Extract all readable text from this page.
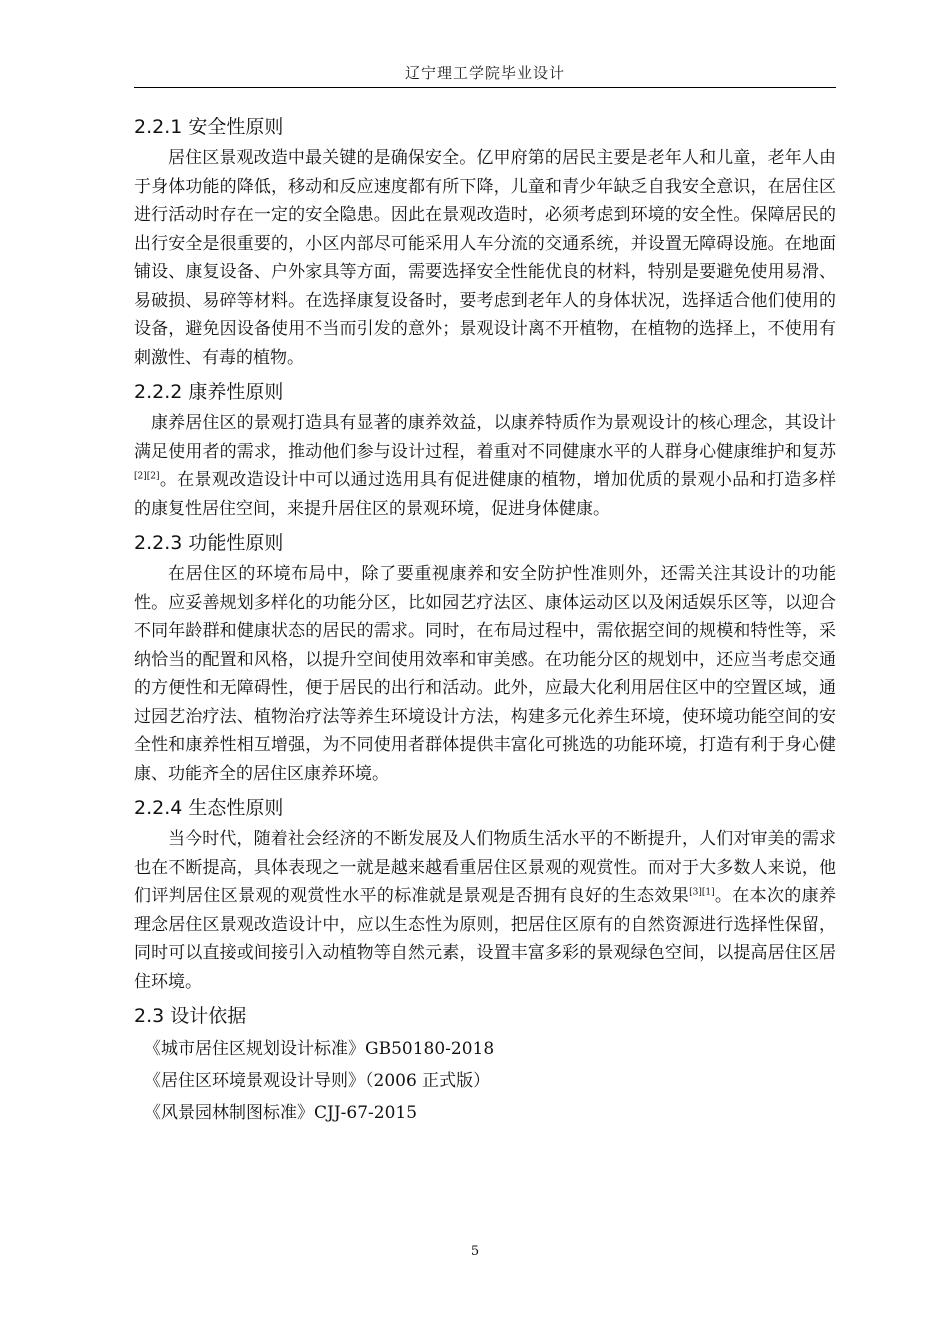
辽宁理工学院毕业设计
2.2.1 安全性原则

居住区景观改造中最关键的是确保安全。亿甲府第的居民主要是老年人和儿童，老年人由于身体功能的降低，移动和反应速度都有所下降，儿童和青少年缺乏自我安全意识，在居住区进行活动时存在一定的安全隐患。因此在景观改造时，必须考虑到环境的安全性。保障居民的出行安全是很重要的，小区内部尽可能采用人车分流的交通系统，并设置无障碍设施。在地面铺设、康复设备、户外家具等方面，需要选择安全性能优良的材料，特别是要避免使用易滑、易破损、易碎等材料。在选择康复设备时，要考虑到老年人的身体状况，选择适合他们使用的设备，避免因设备使用不当而引发的意外；景观设计离不开植物，在植物的选择上，不使用有刺激性、有毒的植物。

2.2.2 康养性原则

康养居住区的景观打造具有显著的康养效益，以康养特质作为景观设计的核心理念，其设计满足使用者的需求，推动他们参与设计过程，着重对不同健康水平的人群身心健康维护和复苏[2][2]。在景观改造设计中可以通过选用具有促进健康的植物，增加优质的景观小品和打造多样的康复性居住空间，来提升居住区的景观环境，促进身体健康。

2.2.3 功能性原则

在居住区的环境布局中，除了要重视康养和安全防护性准则外，还需关注其设计的功能性。应妥善规划多样化的功能分区，比如园艺疗法区、康体运动区以及闲适娱乐区等，以迎合不同年龄群和健康状态的居民的需求。同时，在布局过程中，需依据空间的规模和特性等，采纳恰当的配置和风格，以提升空间使用效率和审美感。在功能分区的规划中，还应当考虑交通的方便性和无障碍性，便于居民的出行和活动。此外，应最大化利用居住区中的空置区域，通过园艺治疗法、植物治疗法等养生环境设计方法，构建多元化养生环境，使环境功能空间的安全性和康养性相互增强，为不同使用者群体提供丰富化可挑选的功能环境，打造有利于身心健康、功能齐全的居住区康养环境。

2.2.4 生态性原则

当今时代，随着社会经济的不断发展及人们物质生活水平的不断提升，人们对审美的需求也在不断提高，具体表现之一就是越来越看重居住区景观的观赏性。而对于大多数人来说，他们评判居住区景观的观赏性水平的标准就是景观是否拥有良好的生态效果[3][1]。在本次的康养理念居住区景观改造设计中，应以生态性为原则，把居住区原有的自然资源进行选择性保留，同时可以直接或间接引入动植物等自然元素，设置丰富多彩的景观绿色空间，以提高居住区居住环境。

2.3 设计依据

《城市居住区规划设计标准》GB50180-2018

《居住区环境景观设计导则》（2006 正式版）

《风景园林制图标准》CJJ-67-2015

5
